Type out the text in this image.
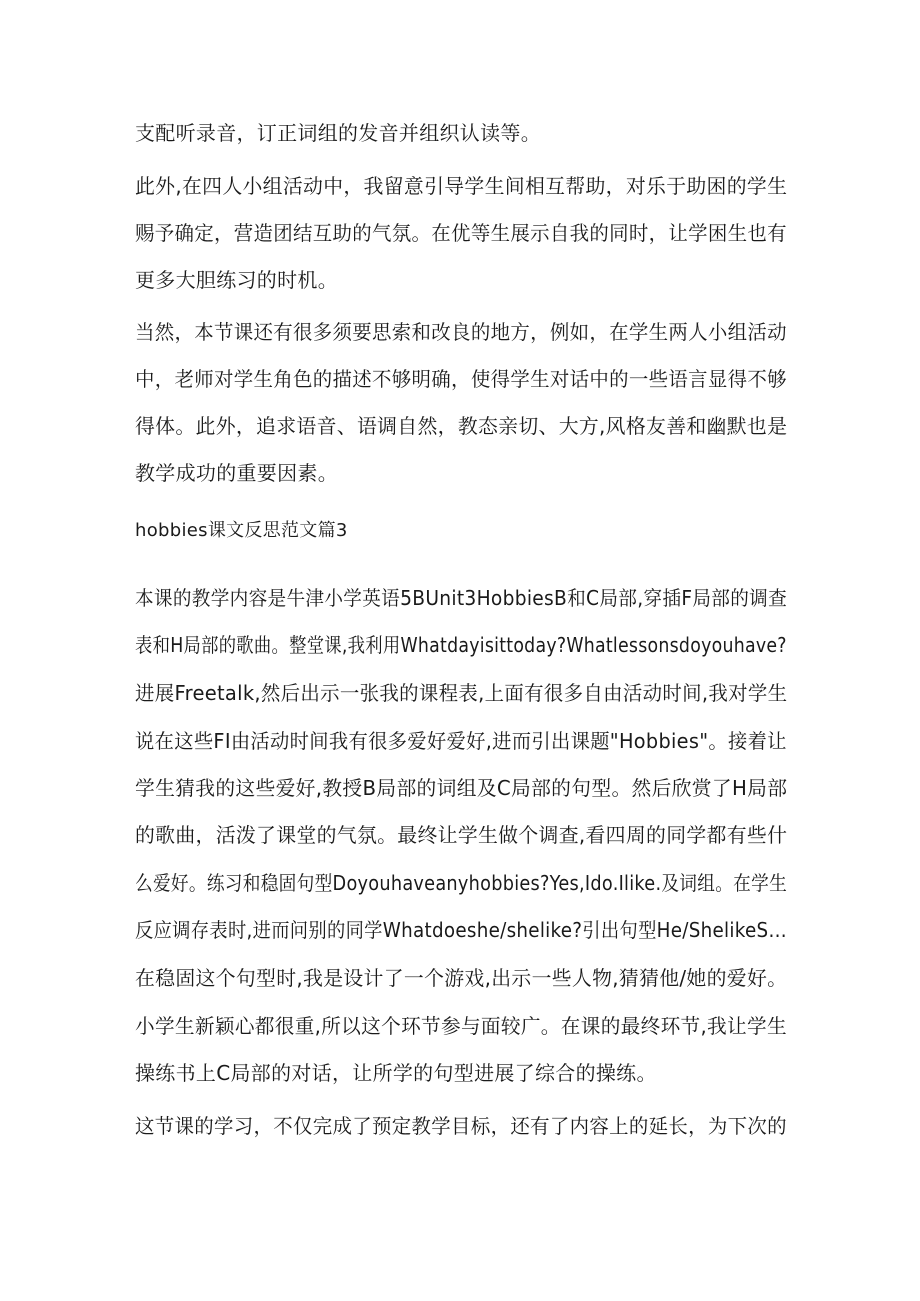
支配听录音，订正词组的发音并组织认读等。
此外,在四人小组活动中，我留意引导学生间相互帮助，对乐于助困的学生
赐予确定，营造团结互助的气氛。在优等生展示自我的同时，让学困生也有
更多大胆练习的时机。
当然，本节课还有很多须要思索和改良的地方，例如，在学生两人小组活动
中，老师对学生角色的描述不够明确，使得学生对话中的一些语言显得不够
得体。此外，追求语音、语调自然，教态亲切、大方,风格友善和幽默也是
教学成功的重要因素。
hobbies课文反思范文篇3
本课的教学内容是牛津小学英语5BUnit3HobbiesB和C局部,穿插F局部的调查
表和H局部的歌曲。整堂课,我利用Whatdayisittoday?Whatlessonsdoyouhave?
进展Freetalk,然后出示一张我的课程表,上面有很多自由活动时间,我对学生
说在这些FI由活动时间我有很多爱好爱好,进而引出课题"Hobbies"。接着让
学生猜我的这些爱好,教授B局部的词组及C局部的句型。然后欣赏了H局部
的歌曲，活泼了课堂的气氛。最终让学生做个调查,看四周的同学都有些什
么爱好。练习和稳固句型Doyouhaveanyhobbies?Yes,Ido.Ilike.及词组。在学生
反应调存表时,进而问别的同学Whatdoeshe/shelike?引出句型He/ShelikeS…
在稳固这个句型时,我是设计了一个游戏,出示一些人物,猜猜他/她的爱好。
小学生新颖心都很重,所以这个环节参与面较广。在课的最终环节,我让学生
操练书上C局部的对话，让所学的句型进展了综合的操练。
这节课的学习，不仅完成了预定教学目标，还有了内容上的延长，为下次的
